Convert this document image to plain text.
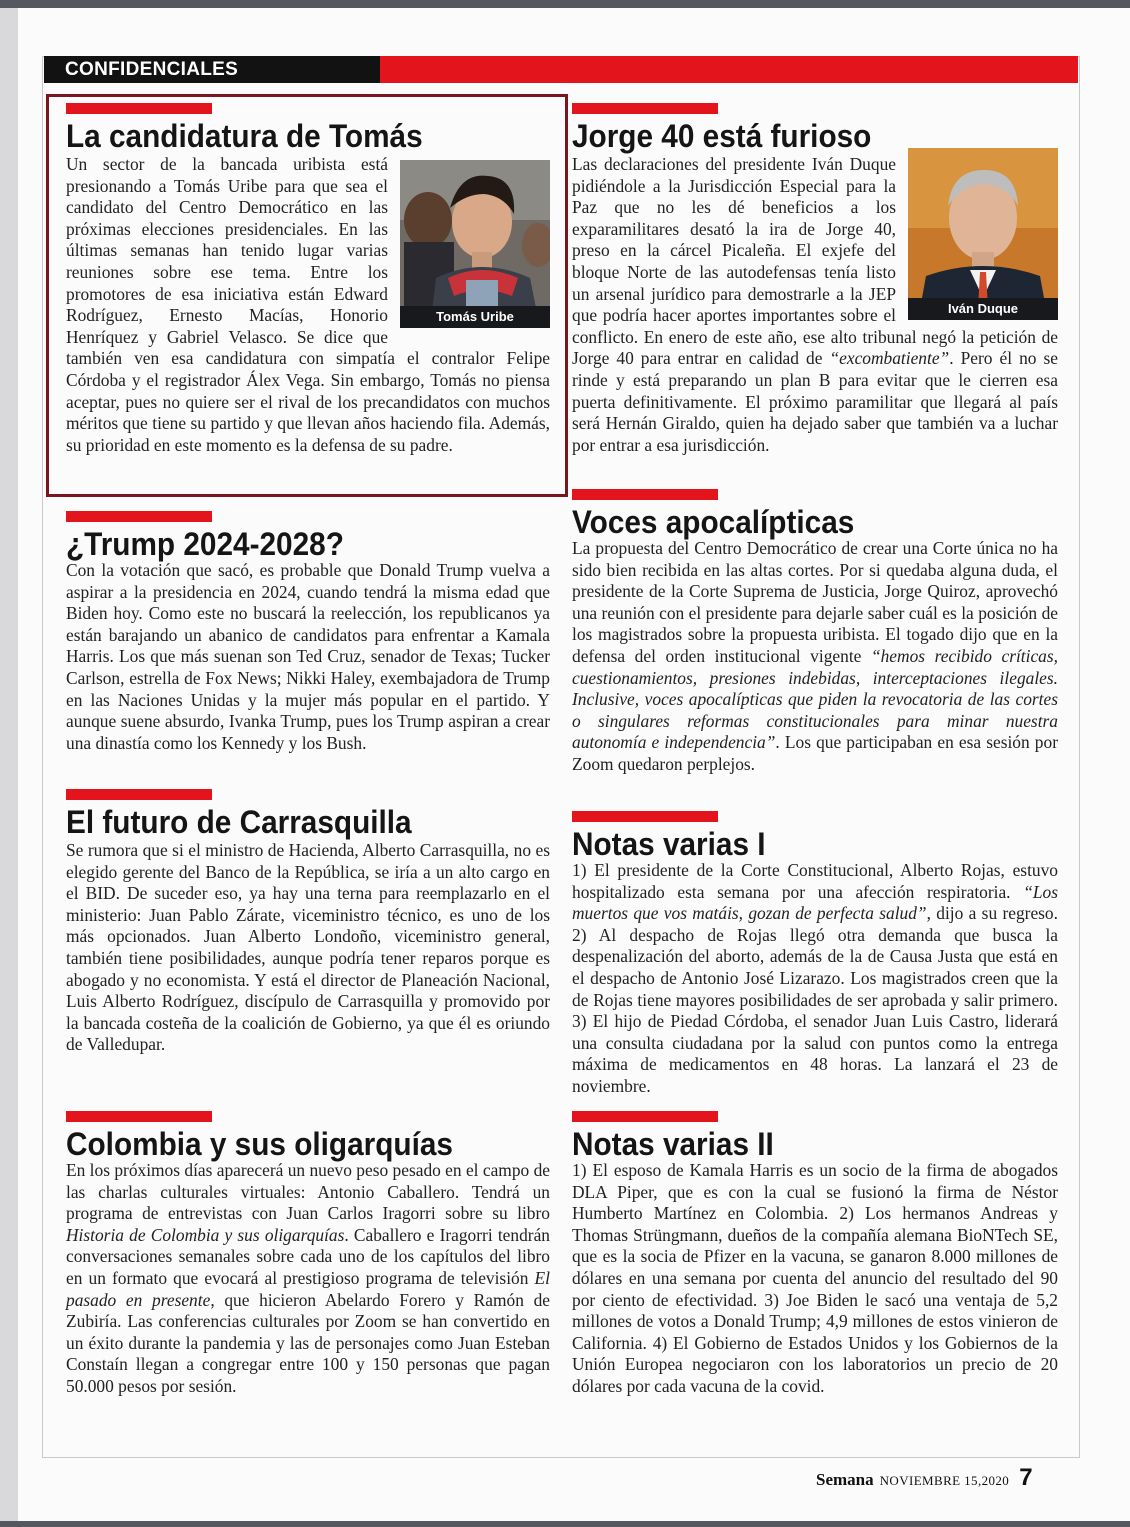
CONFIDENCIALES
La candidatura de Tomás
Tomás Uribe

Un sector de la bancada uribista está presionando a Tomás Uribe para que sea el candidato del Centro Democrático en las próximas elecciones presidenciales. En las últimas semanas han tenido lugar varias reuniones sobre ese tema. Entre los promotores de esa iniciativa están Edward Rodríguez, Ernesto Macías, Honorio Henríquez y Gabriel Velasco. Se dice que también ven esa candidatura con simpatía el contralor Felipe Córdoba y el registrador Álex Vega. Sin embargo, Tomás no piensa aceptar, pues no quiere ser el rival de los precandidatos con muchos méritos que tiene su partido y que llevan años haciendo fila. Además, su prioridad en este momento es la defensa de su padre.

Jorge 40 está furioso
Iván Duque

Las declaraciones del presidente Iván Duque pidiéndole a la Jurisdicción Especial para la Paz que no les dé beneficios a los exparamilitares desató la ira de Jorge 40, preso en la cárcel Picaleña. El exjefe del bloque Norte de las autodefensas tenía listo un arsenal jurídico para demostrarle a la JEP que podría hacer aportes importantes sobre el conflicto. En enero de este año, ese alto tribunal negó la petición de Jorge 40 para entrar en calidad de “excombatiente”. Pero él no se rinde y está preparando un plan B para evitar que le cierren esa puerta definitivamente. El próximo paramilitar que llegará al país será Hernán Giraldo, quien ha dejado saber que también va a luchar por entrar a esa jurisdicción.

¿Trump 2024-2028?

Con la votación que sacó, es probable que Donald Trump vuelva a aspirar a la presidencia en 2024, cuando tendrá la misma edad que Biden hoy. Como este no buscará la reelección, los republicanos ya están barajando un abanico de candidatos para enfrentar a Kamala Harris. Los que más suenan son Ted Cruz, senador de Texas; Tucker Carlson, estrella de Fox News; Nikki Haley, exembajadora de Trump en las Naciones Unidas y la mujer más popular en el partido. Y aunque suene absurdo, Ivanka Trump, pues los Trump aspiran a crear una dinastía como los Kennedy y los Bush.

Voces apocalípticas

La propuesta del Centro Democrático de crear una Corte única no ha sido bien recibida en las altas cortes. Por si quedaba alguna duda, el presidente de la Corte Suprema de Justicia, Jorge Quiroz, aprovechó una reunión con el presidente para dejarle saber cuál es la posición de los magistrados sobre la propuesta uribista. El togado dijo que en la defensa del orden institucional vigente “hemos recibido críticas, cuestionamientos, presiones indebidas, interceptaciones ilegales. Inclusive, voces apocalípticas que piden la revocatoria de las cortes o singulares reformas constitucionales para minar nuestra autonomía e independencia”. Los que participaban en esa sesión por Zoom quedaron perplejos.

El futuro de Carrasquilla

Se rumora que si el ministro de Hacienda, Alberto Carrasquilla, no es elegido gerente del Banco de la República, se iría a un alto cargo en el BID. De suceder eso, ya hay una terna para reemplazarlo en el ministerio: Juan Pablo Zárate, viceministro técnico, es uno de los más opcionados. Juan Alberto Londoño, viceministro general, también tiene posibilidades, aunque podría tener reparos porque es abogado y no economista. Y está el director de Planeación Nacional, Luis Alberto Rodríguez, discípulo de Carrasquilla y promovido por la bancada costeña de la coalición de Gobierno, ya que él es oriundo de Valledupar.

Notas varias I

1) El presidente de la Corte Constitucional, Alberto Rojas, estuvo hospitalizado esta semana por una afección respiratoria. “Los muertos que vos matáis, gozan de perfecta salud”, dijo a su regreso. 2) Al despacho de Rojas llegó otra demanda que busca la despenalización del aborto, además de la de Causa Justa que está en el despacho de Antonio José Lizarazo. Los magistrados creen que la de Rojas tiene mayores posibilidades de ser aprobada y salir primero. 3) El hijo de Piedad Córdoba, el senador Juan Luis Castro, liderará una consulta ciudadana por la salud con puntos como la entrega máxima de medicamentos en 48 horas. La lanzará el 23 de noviembre.

Colombia y sus oligarquías

En los próximos días aparecerá un nuevo peso pesado en el campo de las charlas culturales virtuales: Antonio Caballero. Tendrá un programa de entrevistas con Juan Carlos Iragorri sobre su libro Historia de Colombia y sus oligarquías. Caballero e Iragorri tendrán conversaciones semanales sobre cada uno de los capítulos del libro en un formato que evocará al prestigioso programa de televisión El pasado en presente, que hicieron Abelardo Forero y Ramón de Zubiría. Las conferencias culturales por Zoom se han convertido en un éxito durante la pandemia y las de personajes como Juan Esteban Constaín llegan a congregar entre 100 y 150 personas que pagan 50.000 pesos por sesión.

Notas varias II

1) El esposo de Kamala Harris es un socio de la firma de abogados DLA Piper, que es con la cual se fusionó la firma de Néstor Humberto Martínez en Colombia. 2) Los hermanos Andreas y Thomas Strüngmann, dueños de la compañía alemana BioNTech SE, que es la socia de Pfizer en la vacuna, se ganaron 8.000 millones de dólares en una semana por cuenta del anuncio del resultado del 90 por ciento de efectividad. 3) Joe Biden le sacó una ventaja de 5,2 millones de votos a Donald Trump; 4,9 millones de estos vinieron de California. 4) El Gobierno de Estados Unidos y los Gobiernos de la Unión Europea negociaron con los laboratorios un precio de 20 dólares por cada vacuna de la covid.

Semana NOVIEMBRE 15,2020 7
